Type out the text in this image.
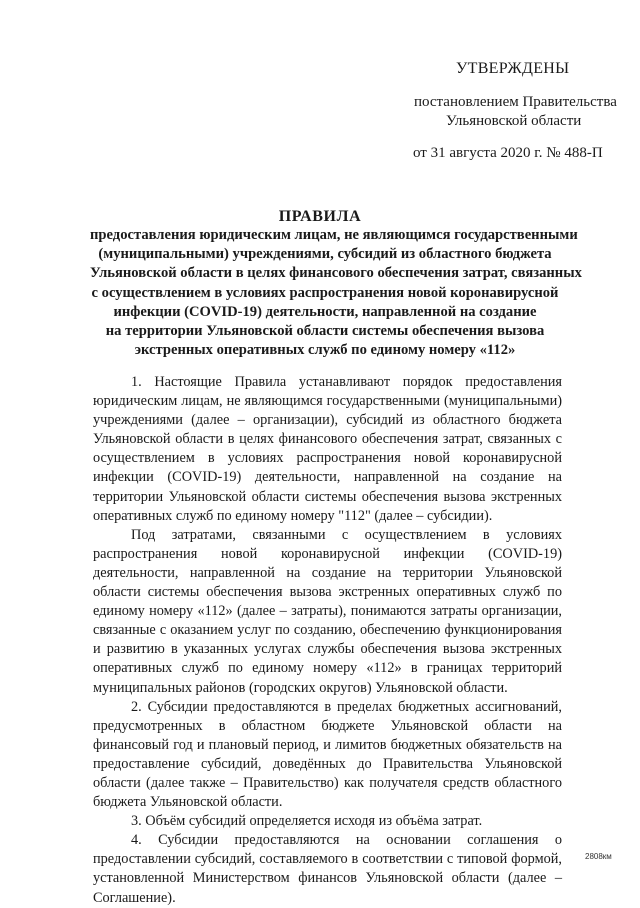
УТВЕРЖДЕНЫ
постановлением Правительства
Ульяновской области
от 31 августа 2020 г. № 488-П
ПРАВИЛА
предоставления юридическим лицам, не являющимся государственными
(муниципальными) учреждениями, субсидий из областного бюджета
Ульяновской области в целях финансового обеспечения затрат, связанных
с осуществлением в условиях распространения новой коронавирусной
инфекции (COVID-19) деятельности, направленной на создание
на территории Ульяновской области системы обеспечения вызова
экстренных оперативных служб по единому номеру «112»

1. Настоящие Правила устанавливают порядок предоставления юридическим лицам, не являющимся государственными (муниципальными) учреждениями (далее – организации), субсидий из областного бюджета Ульяновской области в целях финансового обеспечения затрат, связанных с осуществлением в условиях распространения новой коронавирусной инфекции (COVID-19) деятельности, направленной на создание на территории Ульяновской области системы обеспечения вызова экстренных оперативных служб по единому номеру "112" (далее – субсидии).

Под затратами, связанными с осуществлением в условиях распространения новой коронавирусной инфекции (COVID-19) деятельности, направленной на создание на территории Ульяновской области системы обеспечения вызова экстренных оперативных служб по единому номеру «112» (далее – затраты), понимаются затраты организации, связанные с оказанием услуг по созданию, обеспечению функционирования и развитию в указанных услугах службы обеспечения вызова экстренных оперативных служб по единому номеру «112» в границах территорий муниципальных районов (городских округов) Ульяновской области.

2. Субсидии предоставляются в пределах бюджетных ассигнований, предусмотренных в областном бюджете Ульяновской области на финансовый год и плановый период, и лимитов бюджетных обязательств на предоставление субсидий, доведённых до Правительства Ульяновской области (далее также – Правительство) как получателя средств областного бюджета Ульяновской области.

3. Объём субсидий определяется исходя из объёма затрат.

4. Субсидии предоставляются на основании соглашения о предоставлении субсидий, составляемого в соответствии с типовой формой, установленной Министерством финансов Ульяновской области (далее – Соглашение).

2808км
